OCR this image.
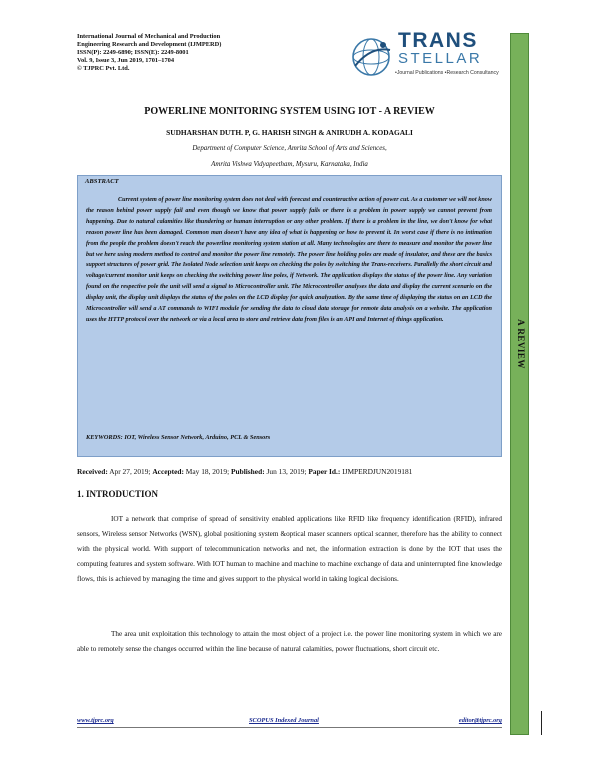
International Journal of Mechanical and Production
Engineering Research and Development (IJMPERD)
ISSN(P): 2249-6890; ISSN(E): 2249-8001
Vol. 9, Issue 3, Jun 2019, 1701–1704
© TJPRC Pvt. Ltd.
TRANS
STELLAR
•Journal Publications •Research Consultancy
A REVIEW
POWERLINE MONITORING SYSTEM USING IOT - A REVIEW
SUDHARSHAN DUTH. P, G. HARISH SINGH & ANIRUDH A. KODAGALI
Department of Computer Science, Amrita School of Arts and Sciences,
Amrita Vishwa Vidyapeetham, Mysuru, Karnataka, India
ABSTRACT
Current system of power line monitoring system does not deal with forecast and counteractive action of power cut. As a customer we will not know the reason behind power supply fail and even though we know that power supply fails or there is a problem in power supply we cannot prevent from happening. Due to natural calamities like thundering or human interruption or any other problem. If there is a problem in the line, we don't know for what reason power line has been damaged. Common man doesn't have any idea of what is happening or how to prevent it. In worst case if there is no intimation from the people the problem doesn't reach the powerline monitoring system station at all. Many technologies are there to measure and monitor the power line but we here using modern method to control and monitor the power line remotely. The power line holding poles are made of insulator, and these are the basics support structures of power grid. The Isolated Node selection unit keeps on checking the poles by switching the Trans-receivers. Parallelly the short circuit and voltage/current monitor unit keeps on checking the switching power line poles, if Network. The application displays the status of the power line. Any variation found on the respective pole the unit will send a signal to Microcontroller unit. The Microcontroller analyses the data and display the current scenario on the display unit, the display unit displays the status of the poles on the LCD display for quick analyzation. By the same time of displaying the status on an LCD the Microcontroller will send a AT commands to WIFI module for sending the data to cloud data storage for remote data analysis on a website. The application uses the HTTP protocol over the network or via a local area to store and retrieve data from files is an API and Internet of things application.
KEYWORDS: IOT, Wireless Sensor Network, Arduino, PCL & Sensors
Received: Apr 27, 2019; Accepted: May 18, 2019; Published: Jun 13, 2019; Paper Id.: IJMPERDJUN2019181
1. INTRODUCTION
IOT a network that comprise of spread of sensitivity enabled applications like RFID like frequency identification (RFID), infrared sensors, Wireless sensor Networks (WSN), global positioning system &optical maser scanners optical scanner, therefore has the ability to connect with the physical world. With support of telecommunication networks and net, the information extraction is done by the IOT that uses the computing features and system software. With IOT human to machine and machine to machine exchange of data and uninterrupted fine knowledge flows, this is achieved by managing the time and gives support to the physical world in taking logical decisions.
The area unit exploitation this technology to attain the most object of a project i.e. the power line monitoring system in which we are able to remotely sense the changes occurred within the line because of natural calamities, power fluctuations, short circuit etc.
www.tjprc.org	SCOPUS Indexed Journal	editor@tjprc.org
